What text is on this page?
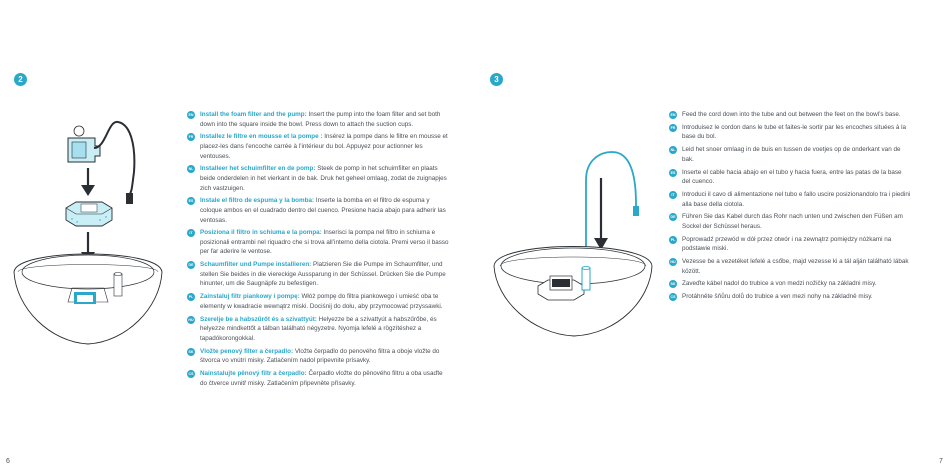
2
EN Install the foam filter and the pump: Insert the pump into the foam filter and set both down into the square inside the bowl. Press down to attach the suction cups.
FR Installez le filtre en mousse et la pompe : Insérez la pompe dans le filtre en mousse et placez-les dans l’encoche carrée à l’intérieur du bol. Appuyez pour actionner les ventouses.
NL Installeer het schuimfilter en de pomp: Steek de pomp in het schuimfilter en plaats beide onderdelen in het vierkant in de bak. Druk het geheel omlaag, zodat de zuignapjes zich vastzuigen.
ES Instale el filtro de espuma y la bomba: Inserte la bomba en el filtro de espuma y coloque ambos en el cuadrado dentro del cuenco. Presione hacia abajo para adherir las ventosas.
IT	Posiziona il filtro in schiuma e la pompa: Inserisci la pompa nel filtro in schiuma e posizionali entrambi nel riquadro che si trova all’interno della ciotola. Premi verso il basso per far aderire le ventose.
DE Schaumfilter und Pumpe installieren: Platzieren Sie die Pumpe im Schaumfilter, und stellen Sie beides in die viereckige Aussparung in der Schüssel. Drücken Sie die Pumpe hinunter, um die Saugnäpfe zu befestigen.
PL Zainstaluj filtr piankowy i pompę: Włóż pompę do filtra piankowego i umieść oba te elementy w kwadracie wewnątrz miski. Dociśnij do dołu, aby przymocować przyssawki.
HU Szerelje be a habszűrőt és a szivattyút: Helyezze be a szivattyút a habszűrőbe, és helyezze mindkettőt a tálban található négyzetre. Nyomja lefelé a rögzítéshez a tapadókorongokkal.
SK Vložte penový filter a čerpadlo: Vložte čerpadlo do penového filtra a oboje vložte do štvorca vo vnútri misky. Zatlačením nadol pripevnite prísavky.
CS Nainstalujte pěnový filtr a čerpadlo: Čerpadlo vložte do pěnového filtru a oba usaďte do čtverce uvnitř misky. Zatlačením připevněte přísavky.
6
3
EN Feed the cord down into the tube and out between the feet on the bowl’s base.
FR Introduisez le cordon dans le tube et faites-le sortir par les encoches situées à la base du bol.
NL Leid het snoer omlaag in de buis en tussen de voetjes op de onderkant van de bak.
ES Inserte el cable hacia abajo en el tubo y hacia fuera, entre las patas de la base del cuenco.
IT	Introduci il cavo di alimentazione nel tubo e fallo uscire posizionandolo tra i piedini alla base della ciotola.
DE Führen Sie das Kabel durch das Rohr nach unten und zwischen den Füßen am Sockel der Schüssel heraus.
PL Poprowadź przewód w dół przez otwór i na zewnątrz pomiędzy nóżkami na podstawie miski.
HU Vezesse be a vezetéket lefelé a csőbe, majd vezesse ki a tál alján található lábak között.
SK Zaveďte kábel nadol do trubice a von medzi nožičky na základni misy.
CS Protáhněte šňůru dolů do trubice a ven mezi nohy na základně misy.
7
